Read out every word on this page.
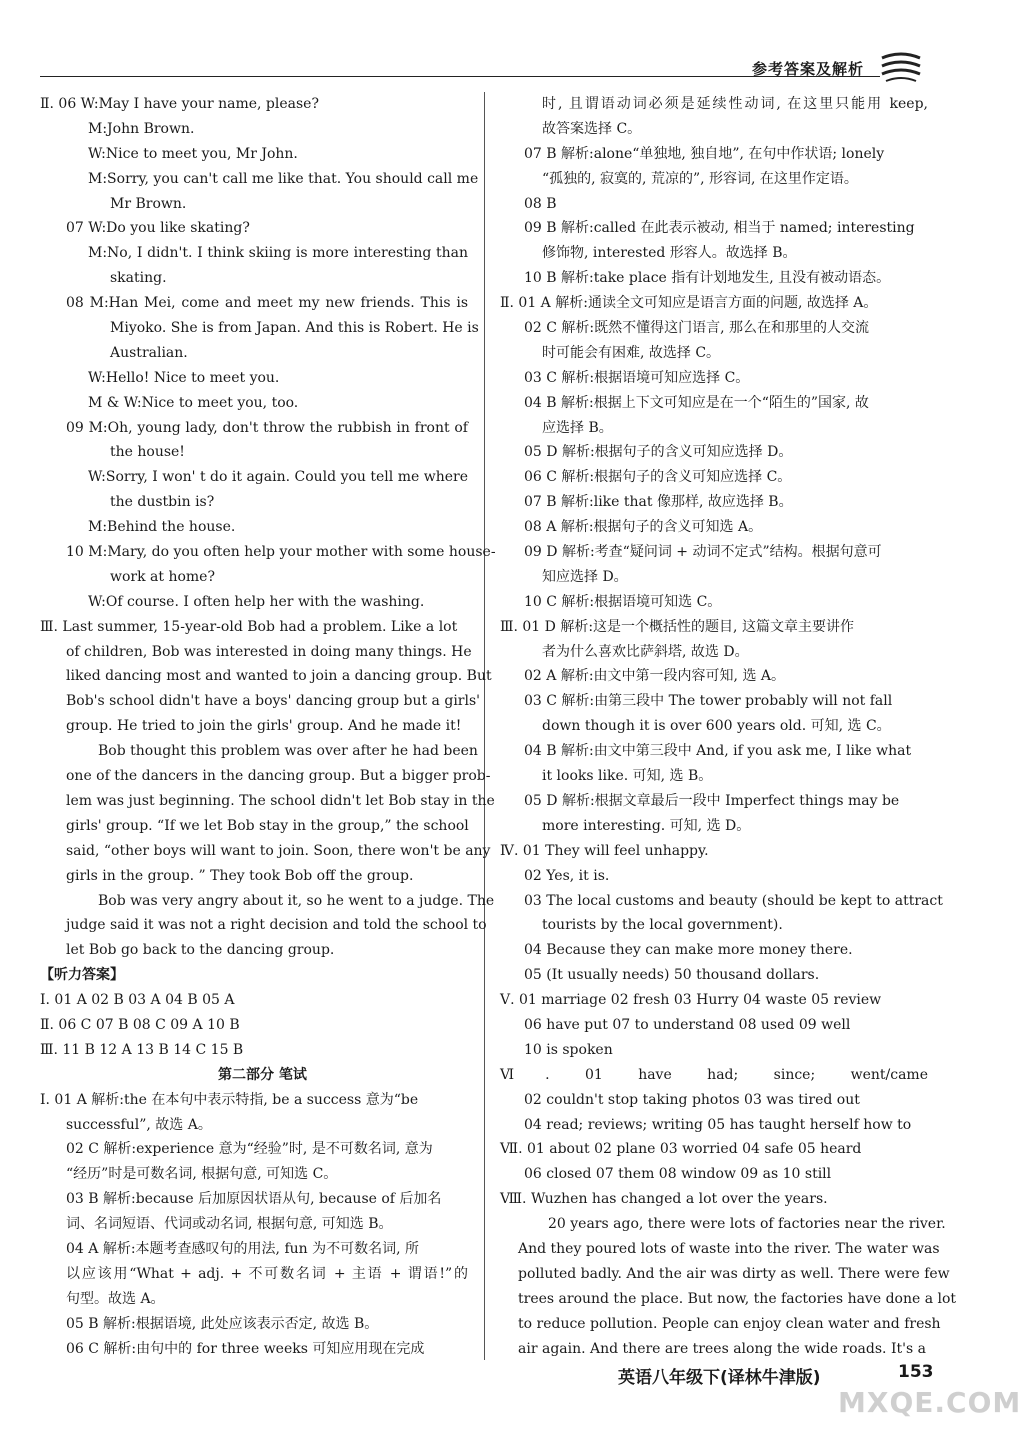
参考答案及解析
Ⅱ. 06 W:May I have your name, please?
M:John Brown.
W:Nice to meet you, Mr John.
M:Sorry, you can't call me like that. You should call me
Mr Brown.
07 W:Do you like skating?
M:No, I didn't. I think skiing is more interesting than
skating.
08 M:Han Mei, come and meet my new friends. This is
Miyoko. She is from Japan. And this is Robert. He is
Australian.
W:Hello! Nice to meet you.
M & W:Nice to meet you, too.
09 M:Oh, young lady, don't throw the rubbish in front of
the house!
W:Sorry, I won' t do it again. Could you tell me where
the dustbin is?
M:Behind the house.
10 M:Mary, do you often help your mother with some house-
work at home?
W:Of course. I often help her with the washing.
Ⅲ. Last summer, 15-year-old Bob had a problem. Like a lot
of children, Bob was interested in doing many things. He
liked dancing most and wanted to join a dancing group. But
Bob's school didn't have a boys' dancing group but a girls'
group. He tried to join the girls' group. And he made it!
Bob thought this problem was over after he had been
one of the dancers in the dancing group. But a bigger prob-
lem was just beginning. The school didn't let Bob stay in the
girls' group. “If we let Bob stay in the group,” the school
said, “other boys will want to join. Soon, there won't be any
girls in the group. ” They took Bob off the group.
Bob was very angry about it, so he went to a judge. The
judge said it was not a right decision and told the school to
let Bob go back to the dancing group.
【听力答案】
Ⅰ. 01 A 02 B 03 A 04 B 05 A
Ⅱ. 06 C 07 B 08 C 09 A 10 B
Ⅲ. 11 B 12 A 13 B 14 C 15 B
第二部分 笔试
Ⅰ. 01 A 解析:the 在本句中表示特指, be a success 意为“be
successful”, 故选 A。
02 C 解析:experience 意为“经验”时, 是不可数名词, 意为
“经历”时是可数名词, 根据句意, 可知选 C。
03 B 解析:because 后加原因状语从句, because of 后加名
词、名词短语、代词或动名词, 根据句意, 可知选 B。
04 A 解析:本题考查感叹句的用法, fun 为不可数名词, 所
以应该用“What + adj. + 不可数名词 + 主语 + 谓语!”的
句型。故选 A。
05 B 解析:根据语境, 此处应该表示否定, 故选 B。
06 C 解析:由句中的 for three weeks 可知应用现在完成
时, 且谓语动词必须是延续性动词, 在这里只能用 keep,
故答案选择 C。
07 B 解析:alone“单独地, 独自地”, 在句中作状语; lonely
“孤独的, 寂寞的, 荒凉的”, 形容词, 在这里作定语。
08 B
09 B 解析:called 在此表示被动, 相当于 named; interesting
修饰物, interested 形容人。故选择 B。
10 B 解析:take place 指有计划地发生, 且没有被动语态。
Ⅱ. 01 A 解析:通读全文可知应是语言方面的问题, 故选择 A。
02 C 解析:既然不懂得这门语言, 那么在和那里的人交流
时可能会有困难, 故选择 C。
03 C 解析:根据语境可知应选择 C。
04 B 解析:根据上下文可知应是在一个“陌生的”国家, 故
应选择 B。
05 D 解析:根据句子的含义可知应选择 D。
06 C 解析:根据句子的含义可知应选择 C。
07 B 解析:like that 像那样, 故应选择 B。
08 A 解析:根据句子的含义可知选 A。
09 D 解析:考查“疑问词 + 动词不定式”结构。根据句意可
知应选择 D。
10 C 解析:根据语境可知选 C。
Ⅲ. 01 D 解析:这是一个概括性的题目, 这篇文章主要讲作
者为什么喜欢比萨斜塔, 故选 D。
02 A 解析:由文中第一段内容可知, 选 A。
03 C 解析:由第三段中 The tower probably will not fall
down though it is over 600 years old. 可知, 选 C。
04 B 解析:由文中第三段中 And, if you ask me, I like what
it looks like. 可知, 选 B。
05 D 解析:根据文章最后一段中 Imperfect things may be
more interesting. 可知, 选 D。
Ⅳ. 01 They will feel unhappy.
02 Yes, it is.
03 The local customs and beauty (should be kept to attract
tourists by the local government).
04 Because they can make more money there.
05 (It usually needs) 50 thousand dollars.
Ⅴ. 01 marriage 02 fresh 03 Hurry 04 waste 05 review
06 have put 07 to understand 08 used 09 well
10 is spoken
Ⅵ. 01 have had; since; went/came
02 couldn't stop taking photos 03 was tired out
04 read; reviews; writing 05 has taught herself how to
Ⅶ. 01 about 02 plane 03 worried 04 safe 05 heard
06 closed 07 them 08 window 09 as 10 still
Ⅷ. Wuzhen has changed a lot over the years.
20 years ago, there were lots of factories near the river.
And they poured lots of waste into the river. The water was
polluted badly. And the air was dirty as well. There were few
trees around the place. But now, the factories have done a lot
to reduce pollution. People can enjoy clean water and fresh
air again. And there are trees along the wide roads. It's a
英语八年级下(译林牛津版)	153
MXQE.COM
